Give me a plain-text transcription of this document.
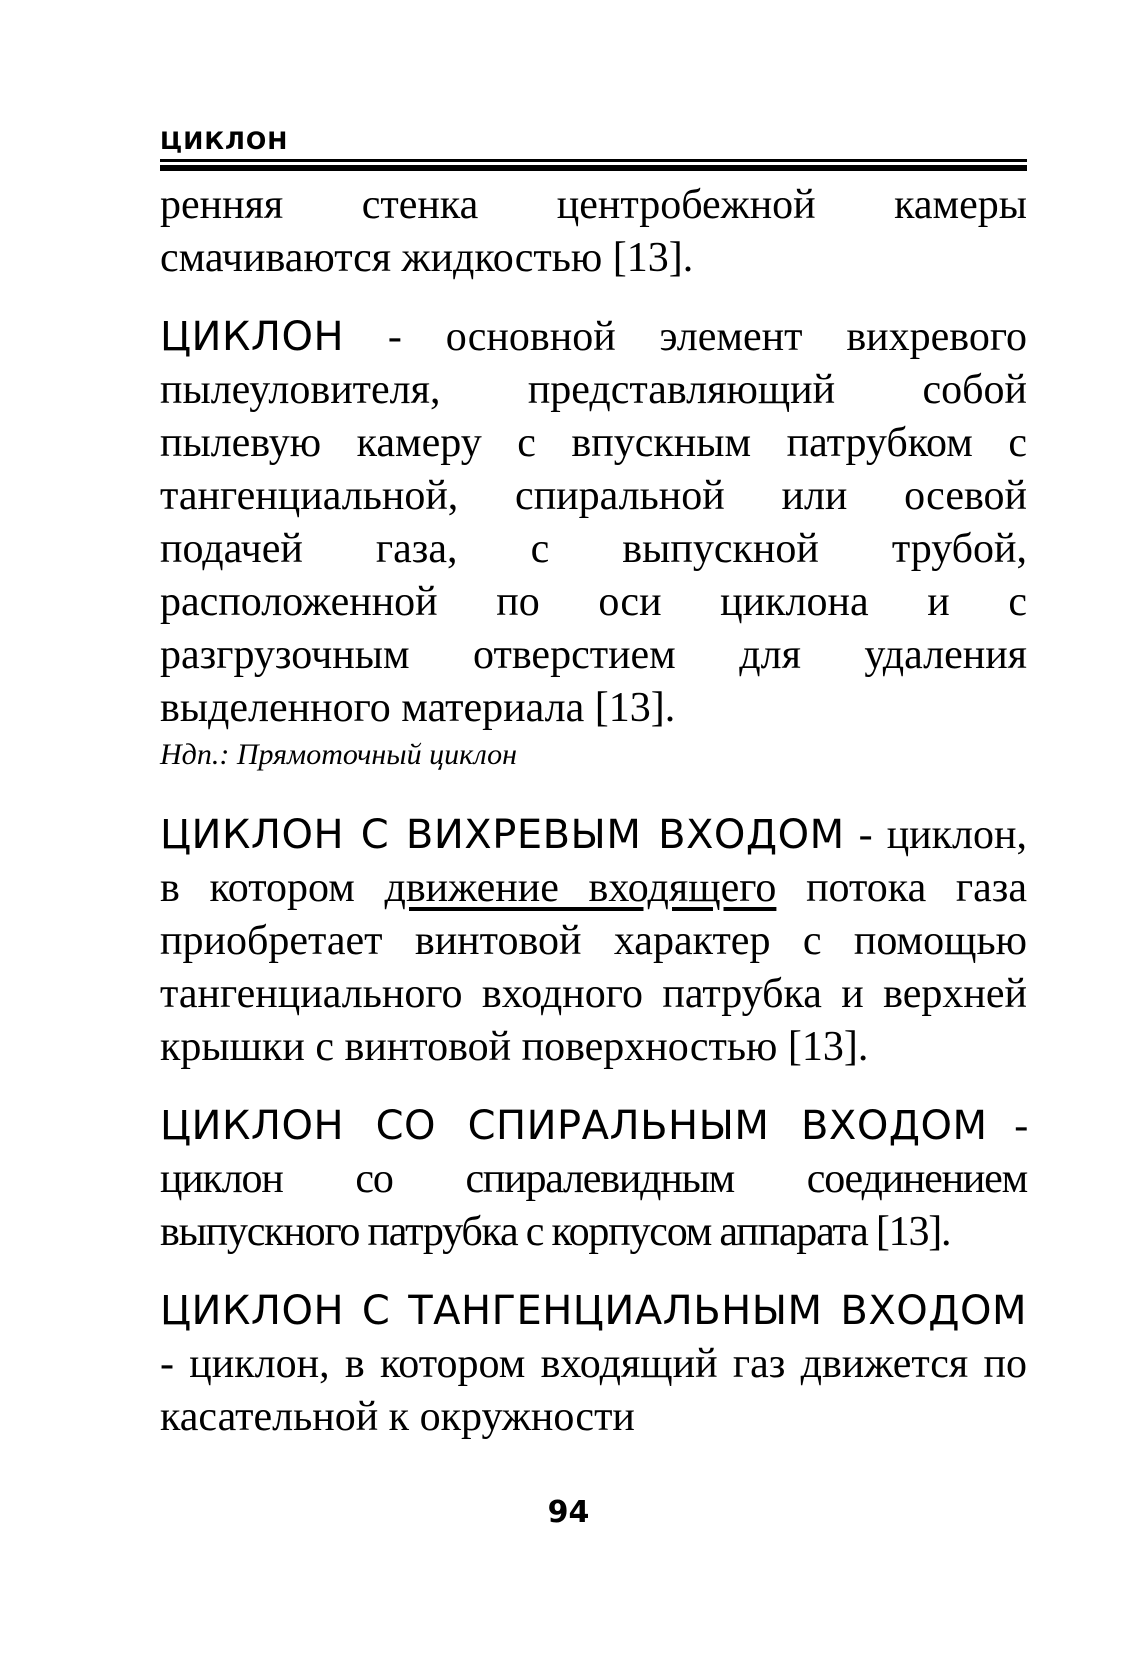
ЦИКЛОН

ренняя стенка центробежной камеры смачиваются жидкостью [13].

ЦИКЛОН - основной элемент вихревого пылеуловителя, представляющий собой пылевую камеру с впускным патрубком с тангенциальной, спиральной или осевой подачей газа, с выпускной трубой, расположенной по оси циклона и с разгрузочным отверстием для удаления выделенного материала [13].

Ндп.: Прямоточный циклон

ЦИКЛОН С ВИХРЕВЫМ ВХОДОМ - циклон, в котором движение входящего потока газа приобретает винтовой характер с помощью тангенциального входного патрубка и верхней крышки с винтовой поверхностью [13].

ЦИКЛОН СО СПИРАЛЬНЫМ ВХОДОМ - циклон со спиралевидным соединением выпускного патрубка с корпусом аппарата [13].

ЦИКЛОН С ТАНГЕНЦИАЛЬНЫМ ВХОДОМ - циклон, в котором входящий газ движется по касательной к окружности

94
